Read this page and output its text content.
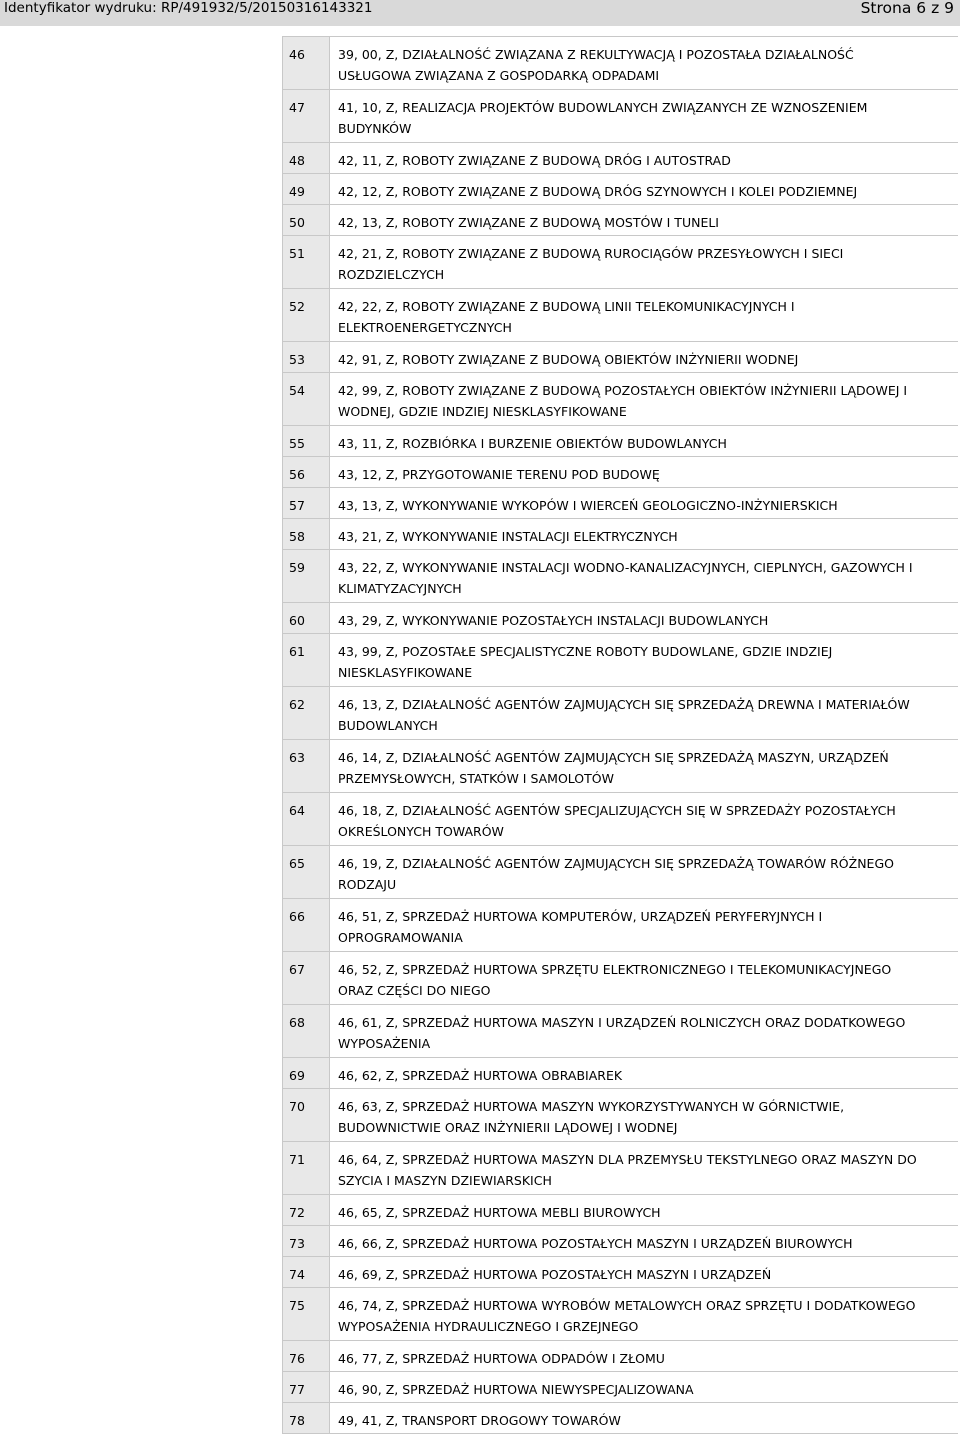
Identyfikator wydruku: RP/491932/5/20150316143321	Strona 6 z 9
46	39, 00, Z, DZIAŁALNOŚĆ ZWIĄZANA Z REKULTYWACJĄ I POZOSTAŁA DZIAŁALNOŚĆ
USŁUGOWA ZWIĄZANA Z GOSPODARKĄ ODPADAMI
47	41, 10, Z, REALIZACJA PROJEKTÓW BUDOWLANYCH ZWIĄZANYCH ZE WZNOSZENIEM
BUDYNKÓW
48	42, 11, Z, ROBOTY ZWIĄZANE Z BUDOWĄ DRÓG I AUTOSTRAD
49	42, 12, Z, ROBOTY ZWIĄZANE Z BUDOWĄ DRÓG SZYNOWYCH I KOLEI PODZIEMNEJ
50	42, 13, Z, ROBOTY ZWIĄZANE Z BUDOWĄ MOSTÓW I TUNELI
51	42, 21, Z, ROBOTY ZWIĄZANE Z BUDOWĄ RUROCIĄGÓW PRZESYŁOWYCH I SIECI
ROZDZIELCZYCH
52	42, 22, Z, ROBOTY ZWIĄZANE Z BUDOWĄ LINII TELEKOMUNIKACYJNYCH I
ELEKTROENERGETYCZNYCH
53	42, 91, Z, ROBOTY ZWIĄZANE Z BUDOWĄ OBIEKTÓW INŻYNIERII WODNEJ
54	42, 99, Z, ROBOTY ZWIĄZANE Z BUDOWĄ POZOSTAŁYCH OBIEKTÓW INŻYNIERII LĄDOWEJ I
WODNEJ, GDZIE INDZIEJ NIESKLASYFIKOWANE
55	43, 11, Z, ROZBIÓRKA I BURZENIE OBIEKTÓW BUDOWLANYCH
56	43, 12, Z, PRZYGOTOWANIE TERENU POD BUDOWĘ
57	43, 13, Z, WYKONYWANIE WYKOPÓW I WIERCEŃ GEOLOGICZNO-INŻYNIERSKICH
58	43, 21, Z, WYKONYWANIE INSTALACJI ELEKTRYCZNYCH
59	43, 22, Z, WYKONYWANIE INSTALACJI WODNO-KANALIZACYJNYCH, CIEPLNYCH, GAZOWYCH I
KLIMATYZACYJNYCH
60	43, 29, Z, WYKONYWANIE POZOSTAŁYCH INSTALACJI BUDOWLANYCH
61	43, 99, Z, POZOSTAŁE SPECJALISTYCZNE ROBOTY BUDOWLANE, GDZIE INDZIEJ
NIESKLASYFIKOWANE
62	46, 13, Z, DZIAŁALNOŚĆ AGENTÓW ZAJMUJĄCYCH SIĘ SPRZEDAŻĄ DREWNA I MATERIAŁÓW
BUDOWLANYCH
63	46, 14, Z, DZIAŁALNOŚĆ AGENTÓW ZAJMUJĄCYCH SIĘ SPRZEDAŻĄ MASZYN, URZĄDZEŃ
PRZEMYSŁOWYCH, STATKÓW I SAMOLOTÓW
64	46, 18, Z, DZIAŁALNOŚĆ AGENTÓW SPECJALIZUJĄCYCH SIĘ W SPRZEDAŻY POZOSTAŁYCH
OKREŚLONYCH TOWARÓW
65	46, 19, Z, DZIAŁALNOŚĆ AGENTÓW ZAJMUJĄCYCH SIĘ SPRZEDAŻĄ TOWARÓW RÓŻNEGO
RODZAJU
66	46, 51, Z, SPRZEDAŻ HURTOWA KOMPUTERÓW, URZĄDZEŃ PERYFERYJNYCH I
OPROGRAMOWANIA
67	46, 52, Z, SPRZEDAŻ HURTOWA SPRZĘTU ELEKTRONICZNEGO I TELEKOMUNIKACYJNEGO
ORAZ CZĘŚCI DO NIEGO
68	46, 61, Z, SPRZEDAŻ HURTOWA MASZYN I URZĄDZEŃ ROLNICZYCH ORAZ DODATKOWEGO
WYPOSAŻENIA
69	46, 62, Z, SPRZEDAŻ HURTOWA OBRABIAREK
70	46, 63, Z, SPRZEDAŻ HURTOWA MASZYN WYKORZYSTYWANYCH W GÓRNICTWIE,
BUDOWNICTWIE ORAZ INŻYNIERII LĄDOWEJ I WODNEJ
71	46, 64, Z, SPRZEDAŻ HURTOWA MASZYN DLA PRZEMYSŁU TEKSTYLNEGO ORAZ MASZYN DO
SZYCIA I MASZYN DZIEWIARSKICH
72	46, 65, Z, SPRZEDAŻ HURTOWA MEBLI BIUROWYCH
73	46, 66, Z, SPRZEDAŻ HURTOWA POZOSTAŁYCH MASZYN I URZĄDZEŃ BIUROWYCH
74	46, 69, Z, SPRZEDAŻ HURTOWA POZOSTAŁYCH MASZYN I URZĄDZEŃ
75	46, 74, Z, SPRZEDAŻ HURTOWA WYROBÓW METALOWYCH ORAZ SPRZĘTU I DODATKOWEGO
WYPOSAŻENIA HYDRAULICZNEGO I GRZEJNEGO
76	46, 77, Z, SPRZEDAŻ HURTOWA ODPADÓW I ZŁOMU
77	46, 90, Z, SPRZEDAŻ HURTOWA NIEWYSPECJALIZOWANA
78	49, 41, Z, TRANSPORT DROGOWY TOWARÓW
